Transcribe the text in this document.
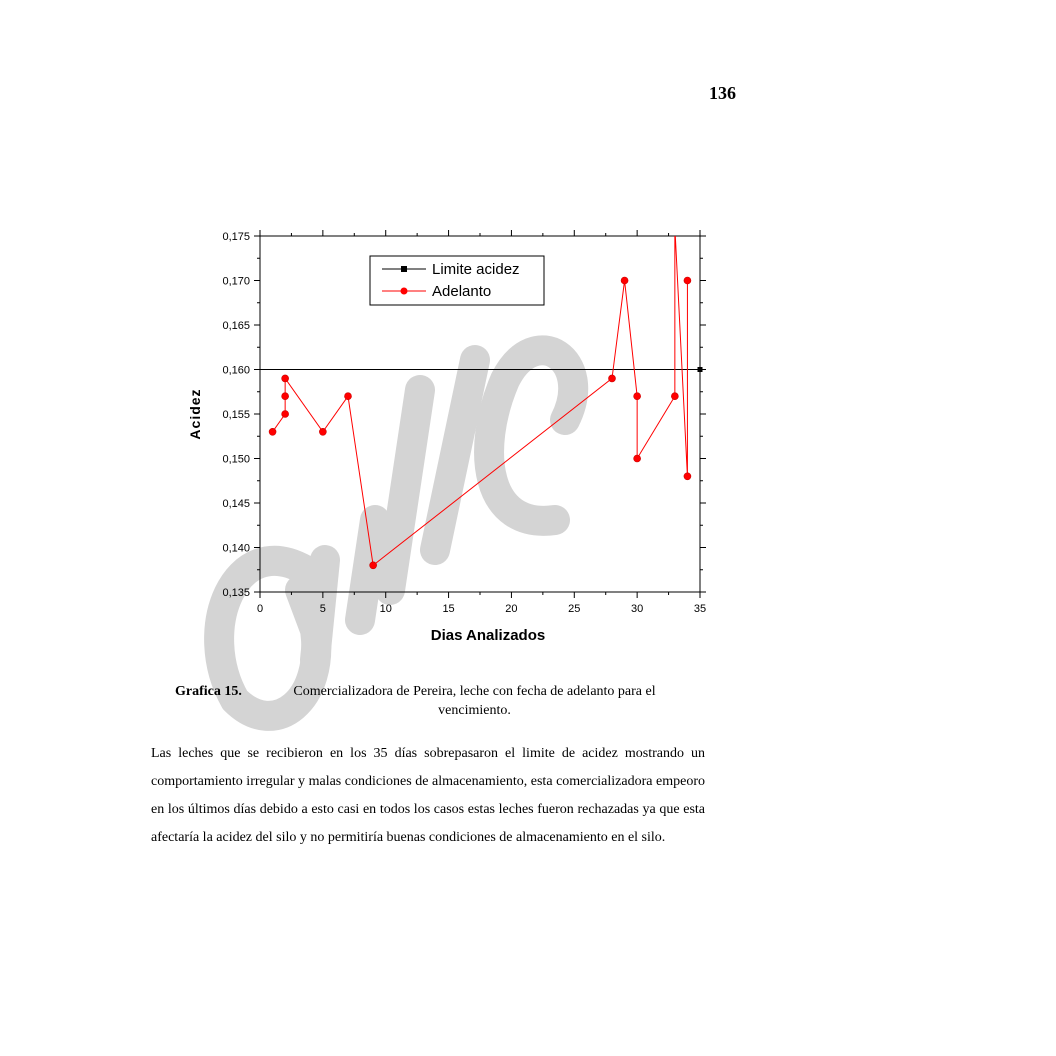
136
0,135
0,140
0,145
0,150
0,155
0,160
0,165
0,170
0,175
0	5	10	15	20	25	30	35
Dias Analizados
Acidez
Limite acidez
Adelanto
Grafica 15.	Comercializadora de Pereira, leche con fecha de adelanto para el vencimiento.

Las leches que se recibieron en los 35 días sobrepasaron el limite de acidez mostrando un comportamiento irregular y malas condiciones de almacenamiento, esta comercializadora empeoro en los últimos días debido a esto casi en todos los casos estas leches fueron rechazadas ya que esta afectaría la acidez del silo y no permitiría buenas condiciones de almacenamiento en el silo.
